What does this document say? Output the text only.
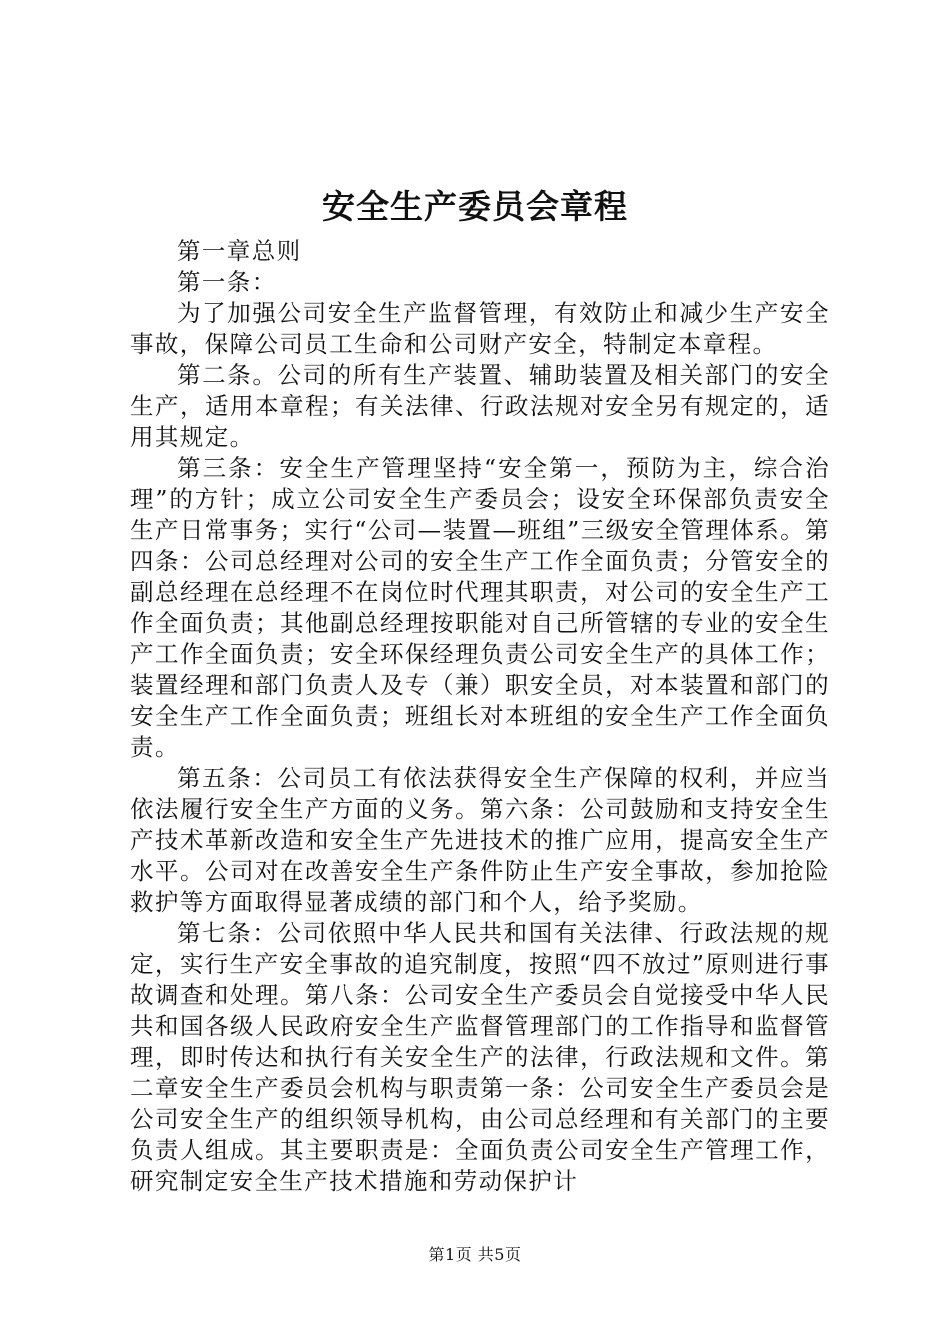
安全生产委员会章程

第一章总则

第一条：

为了加强公司安全生产监督管理，有效防止和减少生产安全事故，保障公司员工生命和公司财产安全，特制定本章程。

第二条。公司的所有生产装置、辅助装置及相关部门的安全生产，适用本章程；有关法律、行政法规对安全另有规定的，适用其规定。

第三条：安全生产管理坚持“安全第一，预防为主，综合治理”的方针；成立公司安全生产委员会；设安全环保部负责安全生产日常事务；实行“公司—装置—班组”三级安全管理体系。第四条：公司总经理对公司的安全生产工作全面负责；分管安全的副总经理在总经理不在岗位时代理其职责，对公司的安全生产工作全面负责；其他副总经理按职能对自己所管辖的专业的安全生产工作全面负责；安全环保经理负责公司安全生产的具体工作；装置经理和部门负责人及专（兼）职安全员，对本装置和部门的安全生产工作全面负责；班组长对本班组的安全生产工作全面负责。

第五条：公司员工有依法获得安全生产保障的权利，并应当依法履行安全生产方面的义务。第六条：公司鼓励和支持安全生产技术革新改造和安全生产先进技术的推广应用，提高安全生产水平。公司对在改善安全生产条件防止生产安全事故，参加抢险救护等方面取得显著成绩的部门和个人，给予奖励。

第七条：公司依照中华人民共和国有关法律、行政法规的规定，实行生产安全事故的追究制度，按照“四不放过”原则进行事故调查和处理。第八条：公司安全生产委员会自觉接受中华人民共和国各级人民政府安全生产监督管理部门的工作指导和监督管理，即时传达和执行有关安全生产的法律，行政法规和文件。第二章安全生产委员会机构与职责第一条：公司安全生产委员会是公司安全生产的组织领导机构，由公司总经理和有关部门的主要负责人组成。其主要职责是：全面负责公司安全生产管理工作，研究制定安全生产技术措施和劳动保护计

第1页 共5页
